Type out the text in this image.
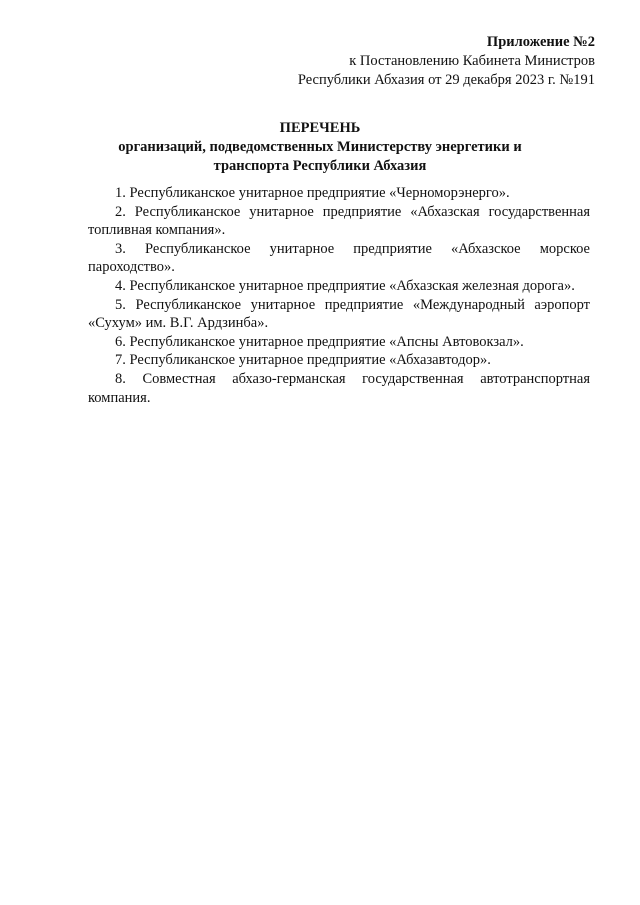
Приложение №2
к Постановлению Кабинета Министров
Республики Абхазия от 29 декабря 2023 г. №191
ПЕРЕЧЕНЬ
организаций, подведомственных Министерству энергетики и транспорта Республики Абхазия

1. Республиканское унитарное предприятие «Черноморэнерго».

2. Республиканское унитарное предприятие «Абхазская государственная топливная компания».

3. Республиканское унитарное предприятие «Абхазское морское пароходство».

4. Республиканское унитарное предприятие «Абхазская железная дорога».

5. Республиканское унитарное предприятие «Международный аэропорт «Сухум» им. В.Г. Ардзинба».

6. Республиканское унитарное предприятие «Апсны Автовокзал».

7. Республиканское унитарное предприятие «Абхазавтодор».

8. Совместная абхазо-германская государственная автотранспортная компания.
